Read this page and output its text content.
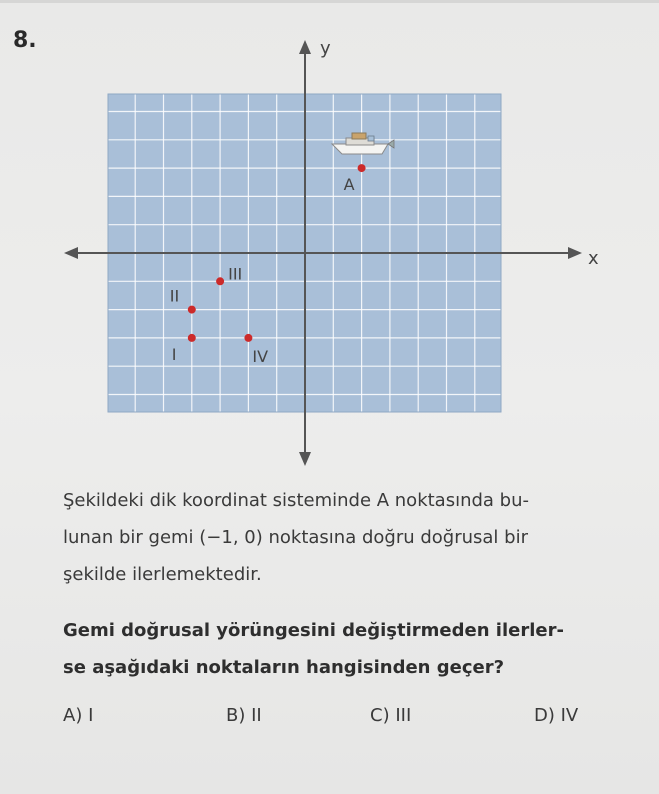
8.
x
y
A
I
II
III
IV
Şekildeki dik koordinat sisteminde A noktasında bu-
lunan bir gemi (−1, 0) noktasına doğru doğrusal bir
şekilde ilerlemektedir.
Gemi doğrusal yörüngesini değiştirmeden ilerler-
se aşağıdaki noktaların hangisinden geçer?
A) I	B) II	C) III	D) IV
